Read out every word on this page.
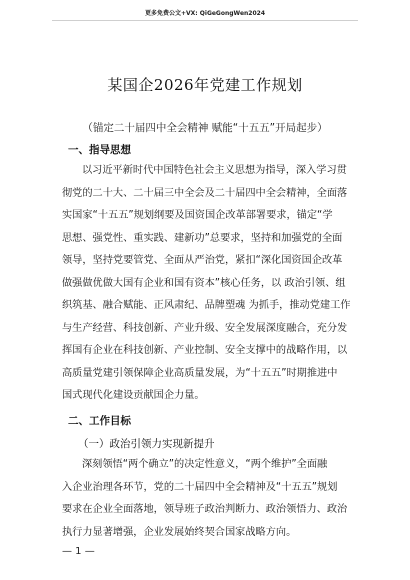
更多免费公文+VX: QiGeGongWen2024
某国企2026年党建工作规划
（锚定二十届四中全会精神 赋能“十五五”开局起步）
一、指导思想
以习近平新时代中国特色社会主义思想为指导，深入学习贯
彻党的二十大、二十届三中全会及二十届四中全会精神，全面落
实国家“十五五”规划纲要及国资国企改革部署要求，锚定“学
思想、强党性、重实践、建新功”总要求，坚持和加强党的全面
领导，坚持党要管党、全面从严治党，紧扣“深化国资国企改革
做强做优做大国有企业和国有资本”核心任务，以 政治引领、组
织筑基、融合赋能、正风肃纪、品牌塑魂 为抓手，推动党建工作
与生产经营、科技创新、产业升级、安全发展深度融合，充分发
挥国有企业在科技创新、产业控制、安全支撑中的战略作用，以
高质量党建引领保障企业高质量发展，为“十五五”时期推进中
国式现代化建设贡献国企力量。
二、工作目标
（一）政治引领力实现新提升
深刻领悟“两个确立”的决定性意义，“两个维护”全面融
入企业治理各环节，党的二十届四中全会精神及“十五五”规划
要求在企业全面落地，领导班子政治判断力、政治领悟力、政治
执行力显著增强，企业发展始终契合国家战略方向。
— 1 —
